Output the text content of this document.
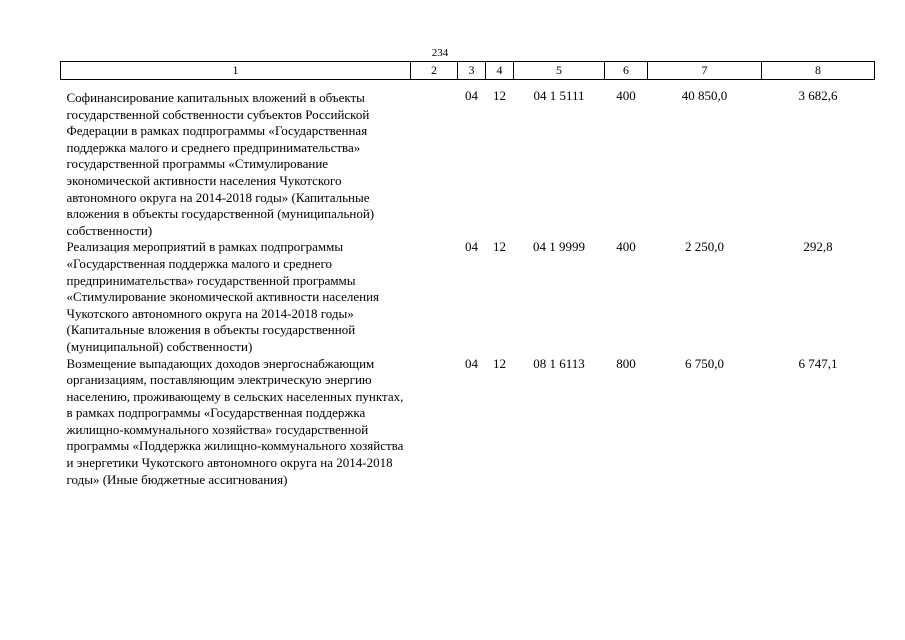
234
1	2	3	4	5	6	7	8
Софинансирование капитальных вложений в объекты государственной собственности субъектов Российской Федерации в рамках подпрограммы «Государственная поддержка малого и среднего предпринимательства» государственной программы «Стимулирование экономической активности населения Чукотского автономного округа на 2014-2018 годы» (Капитальные вложения в объекты государственной (муниципальной) собственности)		04	12	04 1 5111	400	40 850,0	3 682,6
Реализация мероприятий в рамках подпрограммы «Государственная поддержка малого и среднего предпринимательства» государственной программы «Стимулирование экономической активности населения Чукотского автономного округа на 2014-2018 годы» (Капитальные вложения в объекты государственной (муниципальной) собственности)		04	12	04 1 9999	400	2 250,0	292,8
Возмещение выпадающих доходов энергоснабжающим организациям, поставляющим электрическую энергию населению, проживающему в сельских населенных пунктах, в рамках подпрограммы «Государственная поддержка жилищно-коммунального хозяйства» государственной программы «Поддержка жилищно-коммунального хозяйства и энергетики Чукотского автономного округа на 2014-2018 годы» (Иные бюджетные ассигнования)		04	12	08 1 6113	800	6 750,0	6 747,1
